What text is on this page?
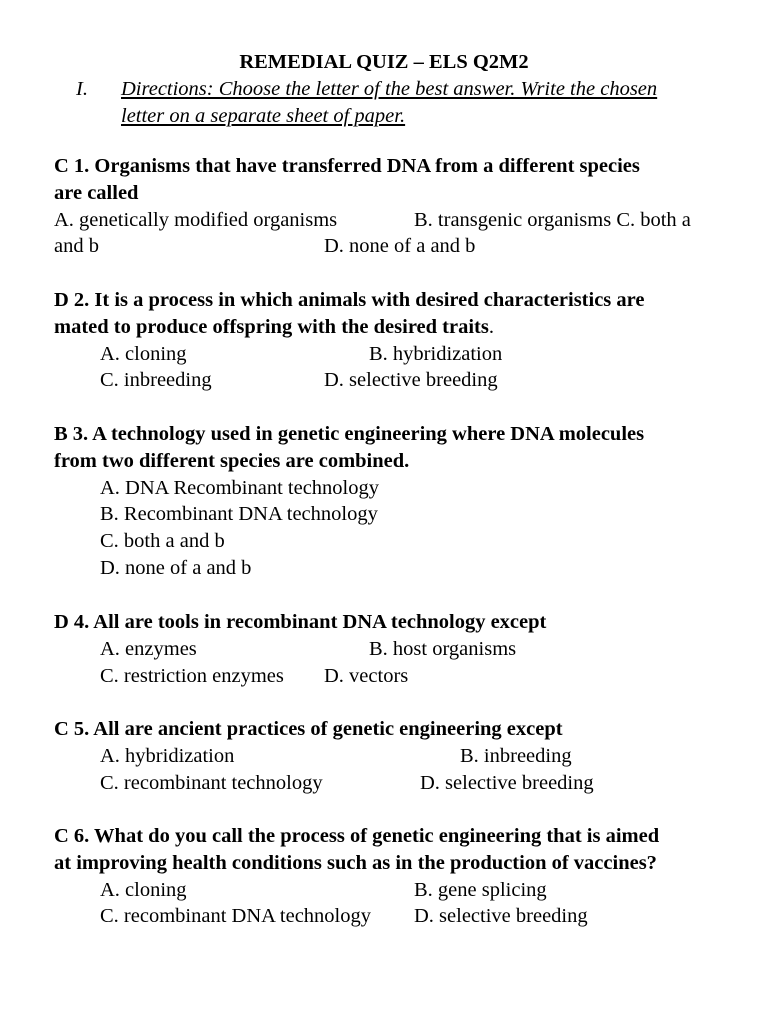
REMEDIAL QUIZ – ELS Q2M2
I. Directions: Choose the letter of the best answer. Write the chosen
letter on a separate sheet of paper.
C 1. Organisms that have transferred DNA from a different species
are called
A. genetically modified organisms	B. transgenic organisms C. both a
and b	D. none of a and b
D 2. It is a process in which animals with desired characteristics are
mated to produce offspring with the desired traits.
A. cloning	B. hybridization
C. inbreeding	D. selective breeding
B 3. A technology used in genetic engineering where DNA molecules
from two different species are combined.
A. DNA Recombinant technology
B. Recombinant DNA technology
C. both a and b
D. none of a and b
D 4. All are tools in recombinant DNA technology except
A. enzymes	B. host organisms
C. restriction enzymes D. vectors
C 5. All are ancient practices of genetic engineering except
A. hybridization	B. inbreeding
C. recombinant technology	D. selective breeding
C 6. What do you call the process of genetic engineering that is aimed
at improving health conditions such as in the production of vaccines?
A. cloning	B. gene splicing
C. recombinant DNA technology D. selective breeding
